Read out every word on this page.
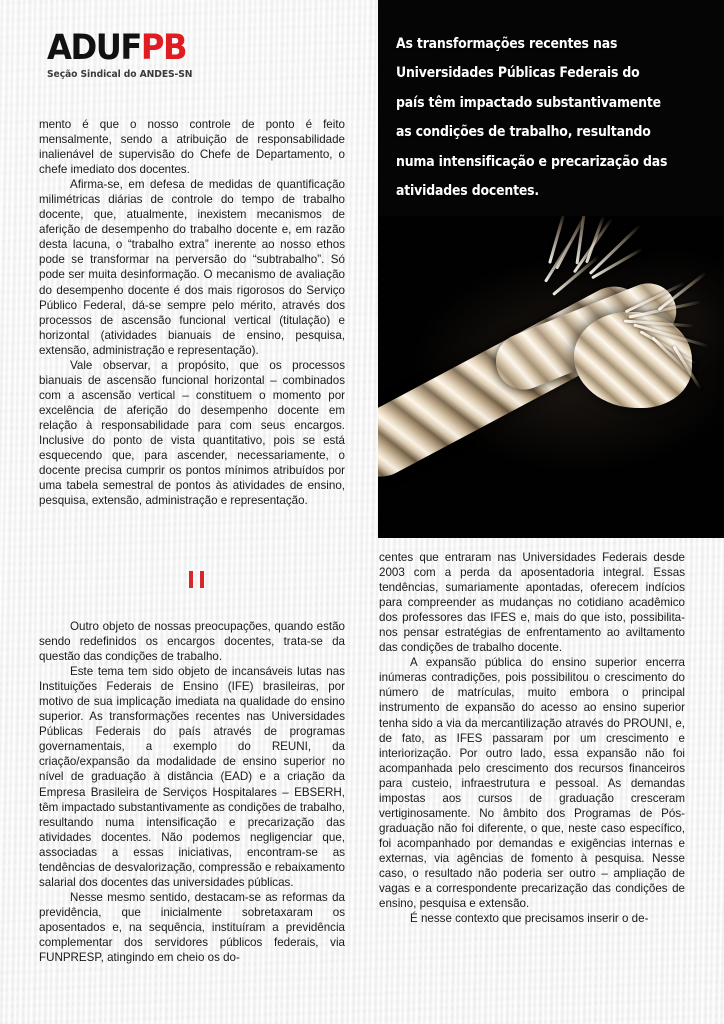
As transformações recentes nas Universidades Públicas Federais do país têm impactado substantivamente as condições de trabalho, resultando numa intensificação e precarização das atividades docentes.
ADUFPB
Seção Sindical do ANDES-SN

mento é que o nosso controle de ponto é feito mensalmente, sendo a atribuição de responsabilidade inalienável de supervisão do Chefe de Departamento, o chefe imediato dos docentes.

Afirma-se, em defesa de medidas de quantificação milimétricas diárias de controle do tempo de trabalho docente, que, atualmente, inexistem mecanismos de aferição de desempenho do trabalho docente e, em razão desta lacuna, o “trabalho extra” inerente ao nosso ethos pode se transformar na perversão do “subtrabalho”. Só pode ser muita desinformação. O mecanismo de avaliação do desempenho docente é dos mais rigorosos do Serviço Público Federal, dá-se sempre pelo mérito, através dos processos de ascensão funcional vertical (titulação) e horizontal (atividades bianuais de ensino, pesquisa, extensão, administração e representação).

Vale observar, a propósito, que os processos bianuais de ascensão funcional horizontal – combinados com a ascensão vertical – constituem o momento por excelência de aferição do desempenho docente em relação à responsabilidade para com seus encargos. Inclusive do ponto de vista quantitativo, pois se está esquecendo que, para ascender, necessariamente, o docente precisa cumprir os pontos mínimos atribuídos por uma tabela semestral de pontos às atividades de ensino, pesquisa, extensão, administração e representação.

Outro objeto de nossas preocupações, quando estão sendo redefinidos os encargos docentes, trata-se da questão das condições de trabalho.

Este tema tem sido objeto de incansáveis lutas nas Instituições Federais de Ensino (IFE) brasileiras, por motivo de sua implicação imediata na qualidade do ensino superior. As transformações recentes nas Universidades Públicas Federais do país através de programas governamentais, a exemplo do REUNI, da criação/expansão da modalidade de ensino superior no nível de graduação à distância (EAD) e a criação da Empresa Brasileira de Serviços Hospitalares – EBSERH, têm impactado substantivamente as condições de trabalho, resultando numa intensificação e precarização das atividades docentes. Não podemos negligenciar que, associadas a essas iniciativas, encontram-se as tendências de desvalorização, compressão e rebaixamento salarial dos docentes das universidades públicas.

Nesse mesmo sentido, destacam-se as reformas da previdência, que inicialmente sobretaxaram os aposentados e, na sequência, instituíram a previdência complementar dos servidores públicos federais, via FUNPRESP, atingindo em cheio os do-

centes que entraram nas Universidades Federais desde 2003 com a perda da aposentadoria integral. Essas tendências, sumariamente apontadas, oferecem indícios para compreender as mudanças no cotidiano acadêmico dos professores das IFES e, mais do que isto, possibilita-nos pensar estratégias de enfrentamento ao aviltamento das condições de trabalho docente.

A expansão pública do ensino superior encerra inúmeras contradições, pois possibilitou o crescimento do número de matrículas, muito embora o principal instrumento de expansão do acesso ao ensino superior tenha sido a via da mercantilização através do PROUNI, e, de fato, as IFES passaram por um crescimento e interiorização. Por outro lado, essa expansão não foi acompanhada pelo crescimento dos recursos financeiros para custeio, infraestrutura e pessoal. As demandas impostas aos cursos de graduação cresceram vertiginosamente. No âmbito dos Programas de Pós-graduação não foi diferente, o que, neste caso específico, foi acompanhado por demandas e exigências internas e externas, via agências de fomento à pesquisa. Nesse caso, o resultado não poderia ser outro – ampliação de vagas e a correspondente precarização das condições de ensino, pesquisa e extensão.

É nesse contexto que precisamos inserir o de-
